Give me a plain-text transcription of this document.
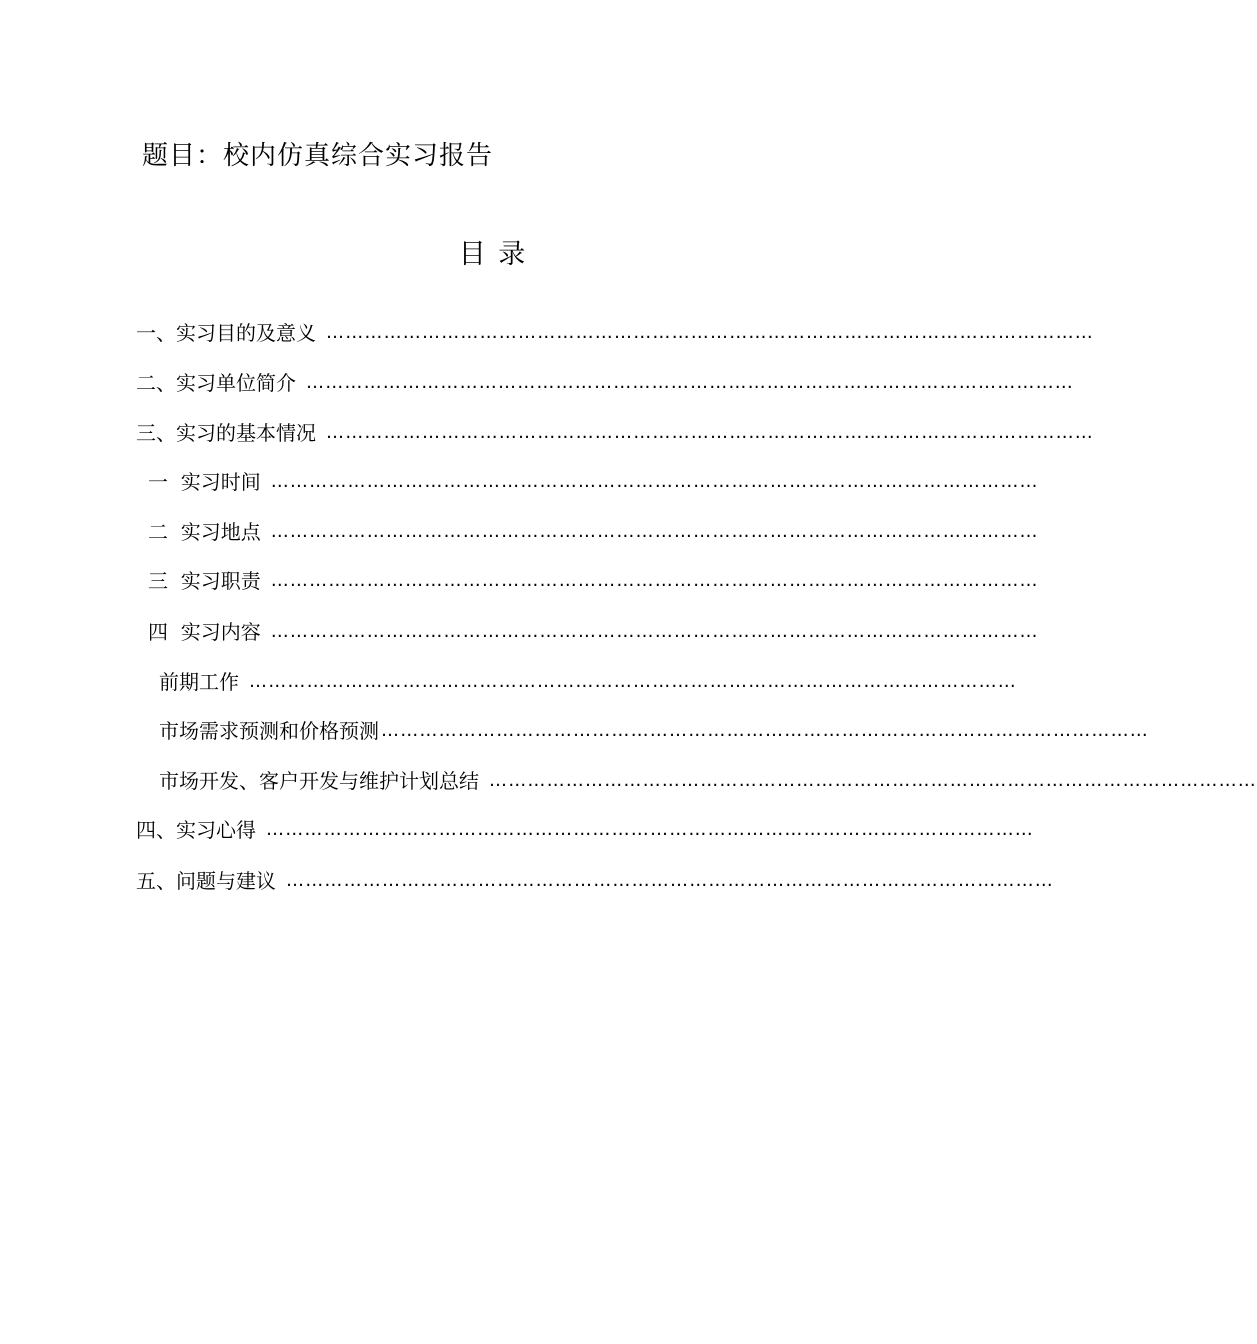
题目：校内仿真综合实习报告
目 录
一、实习目的及意义 …………………………………………………………………………………………………………
二、实习单位简介 …………………………………………………………………………………………………………
三、实习的基本情况 …………………………………………………………………………………………………………
一  实习时间 …………………………………………………………………………………………………………
二  实习地点 …………………………………………………………………………………………………………
三  实习职责 …………………………………………………………………………………………………………
四  实习内容 …………………………………………………………………………………………………………
前期工作 …………………………………………………………………………………………………………
市场需求预测和价格预测 …………………………………………………………………………………………………………
市场开发、客户开发与维护计划总结 …………………………………………………………………………………………………………
四、实习心得 …………………………………………………………………………………………………………
五、问题与建议 …………………………………………………………………………………………………………
